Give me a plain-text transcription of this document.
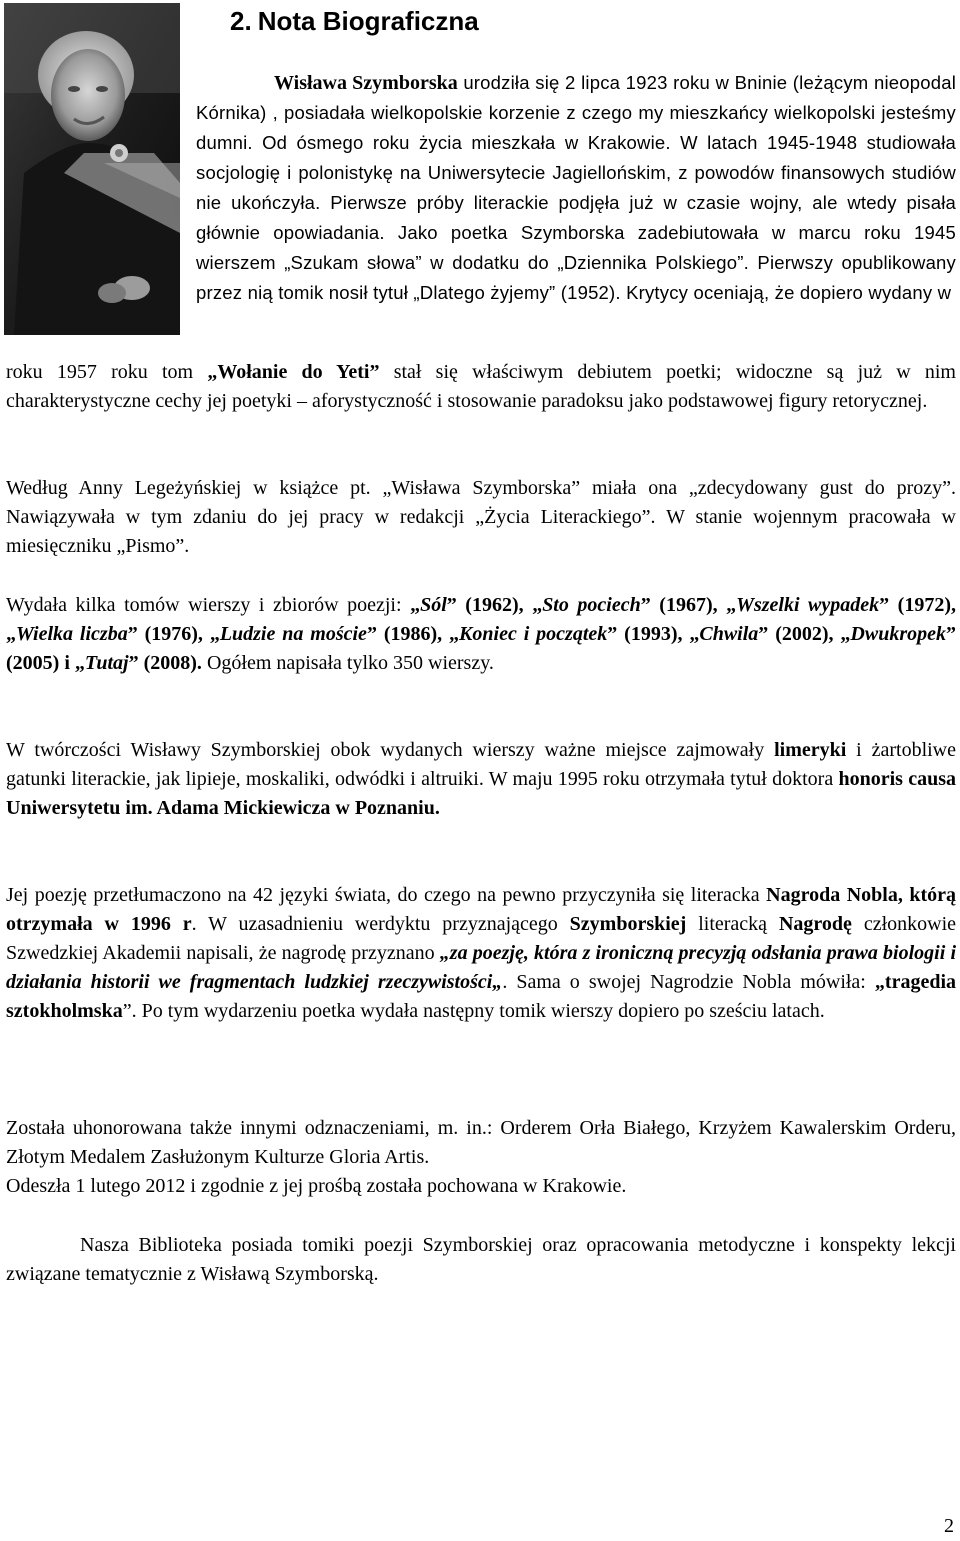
2. Nota Biograficzna

Wisława Szymborska urodziła się 2 lipca 1923 roku w Bninie (leżącym nieopodal Kórnika) , posiadała wielkopolskie korzenie z czego my mieszkańcy wielkopolski jesteśmy dumni. Od ósmego roku życia mieszkała w Krakowie. W latach 1945-1948 studiowała socjologię i polonistykę na Uniwersytecie Jagiellońskim, z powodów finansowych studiów nie ukończyła. Pierwsze próby literackie podjęła już w czasie wojny, ale wtedy pisała głównie opowiadania. Jako poetka Szymborska zadebiutowała w marcu roku 1945 wierszem „Szukam słowa” w dodatku do „Dziennika Polskiego”. Pierwszy opublikowany przez nią tomik nosił tytuł „Dlatego żyjemy” (1952). Krytycy oceniają, że dopiero wydany w

roku 1957 roku tom „Wołanie do Yeti” stał się właściwym debiutem poetki; widoczne są już w nim charakterystyczne cechy jej poetyki – aforystyczność i stosowanie paradoksu jako podstawowej figury retorycznej.

Według Anny Legeżyńskiej w książce pt. „Wisława Szymborska” miała ona „zdecydowany gust do prozy”. Nawiązywała w tym zdaniu do jej pracy w redakcji „Życia Literackiego”. W stanie wojennym pracowała w miesięczniku „Pismo”.

Wydała kilka tomów wierszy i zbiorów poezji: „Sól” (1962), „Sto pociech” (1967), „Wszelki wypadek” (1972), „Wielka liczba” (1976), „Ludzie na moście” (1986), „Koniec i początek” (1993), „Chwila” (2002), „Dwukropek” (2005) i „Tutaj” (2008). Ogółem napisała tylko 350 wierszy.

W twórczości Wisławy Szymborskiej obok wydanych wierszy ważne miejsce zajmowały limeryki i żartobliwe gatunki literackie, jak lipieje, moskaliki, odwódki i altruiki. W maju 1995 roku otrzymała tytuł doktora honoris causa Uniwersytetu im. Adama Mickiewicza w Poznaniu.

Jej poezję przetłumaczono na 42 języki świata, do czego na pewno przyczyniła się literacka Nagroda Nobla, którą otrzymała w 1996 r. W uzasadnieniu werdyktu przyznającego Szymborskiej literacką Nagrodę członkowie Szwedzkiej Akademii napisali, że nagrodę przyznano „za poezję, która z ironiczną precyzją odsłania prawa biologii i działania historii we fragmentach ludzkiej rzeczywistości„. Sama o swojej Nagrodzie Nobla mówiła: „tragedia sztokholmska”. Po tym wydarzeniu poetka wydała następny tomik wierszy dopiero po sześciu latach.

Została uhonorowana także innymi odznaczeniami, m. in.: Orderem Orła Białego, Krzyżem Kawalerskim Orderu, Złotym Medalem Zasłużonym Kulturze Gloria Artis.
Odeszła 1 lutego 2012 i zgodnie z jej prośbą została pochowana w Krakowie.

Nasza Biblioteka posiada tomiki poezji Szymborskiej oraz opracowania metodyczne i konspekty lekcji związane tematycznie z Wisławą Szymborską.

2
